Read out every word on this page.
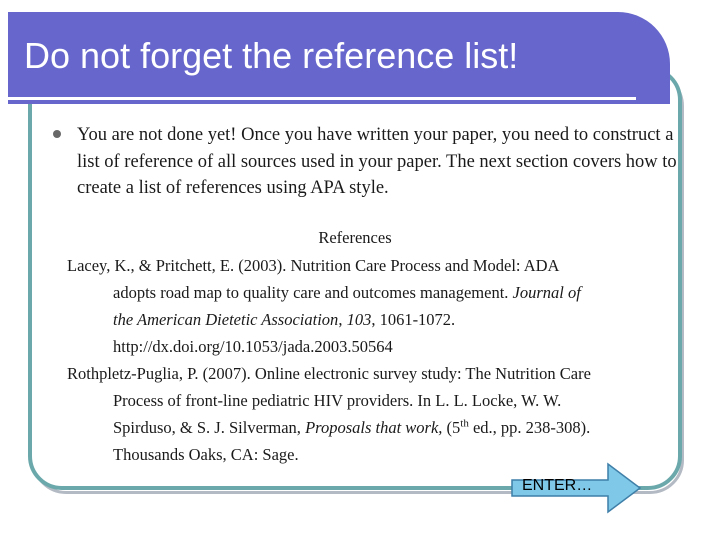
Do not forget the reference list!

You are not done yet! Once you have written your paper, you need to construct a list of reference of all sources used in your paper. The next section covers how to create a list of references using APA style.

References

Lacey, K., & Pritchett, E. (2003). Nutrition Care Process and Model: ADA
adopts road map to quality care and outcomes management. Journal of
the American Dietetic Association, 103, 1061-1072.
http://dx.doi.org/10.1053/jada.2003.50564

Rothpletz-Puglia, P. (2007). Online electronic survey study: The Nutrition Care
Process of front-line pediatric HIV providers. In L. L. Locke, W. W.
Spirduso, & S. J. Silverman, Proposals that work, (5th ed., pp. 238-308).
Thousands Oaks, CA: Sage.

ENTER…
